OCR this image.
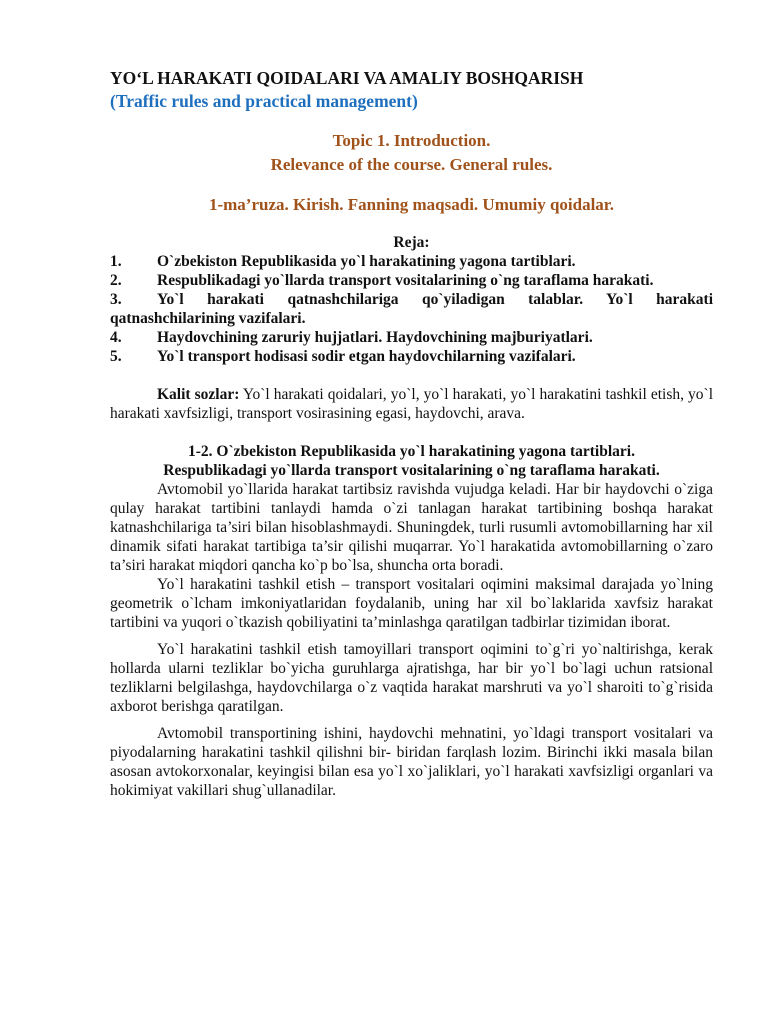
YO‘L HARAKATI QOIDALARI VA AMALIY BOSHQARISH

(Traffic rules and practical management)

Topic 1. Introduction.

Relevance of the course. General rules.

1-ma’ruza. Kirish. Fanning maqsadi. Umumiy qoidalar.

Reja:

1.	O`zbekiston Republikasida yo`l harakatining yagona tartiblari.
2. Respublikadagi yo`llarda transport vositalarining o`ng taraflama harakati.
3. Yo`l harakati qatnashchilariga qo`yiladigan talablar. Yo`l harakati qatnashchilarining vazifalari.
4.	Haydovchining zaruriy hujjatlari. Haydovchining majburiyatlari.
5.	Yo`l transport hodisasi sodir etgan haydovchilarning vazifalari.

Kalit sozlar: Yo`l harakati qoidalari, yo`l, yo`l harakati, yo`l harakatini tashkil etish, yo`l harakati xavfsizligi, transport vosirasining egasi, haydovchi, arava.

1-2. O`zbekiston Republikasida yo`l harakatining yagona tartiblari.
Respublikadagi yo`llarda transport vositalarining o`ng taraflama harakati.

Avtomobil yo`llarida harakat tartibsiz ravishda vujudga keladi. Har bir haydovchi o`ziga qulay harakat tartibini tanlaydi hamda o`zi tanlagan harakat tartibining boshqa harakat katnashchilariga ta’siri bilan hisoblashmaydi. Shuningdek, turli rusumli avtomobillarning har xil dinamik sifati harakat tartibiga ta’sir qilishi muqarrar. Yo`l harakatida avtomobillarning o`zaro ta’siri harakat miqdori qancha ko`p bo`lsa, shuncha orta boradi.

Yo`l harakatini tashkil etish – transport vositalari oqimini maksimal darajada yo`lning geometrik o`lcham imkoniyatlaridan foydalanib, uning har xil bo`laklarida xavfsiz harakat tartibini va yuqori o`tkazish qobiliyatini ta’minlashga qaratilgan tadbirlar tizimidan iborat.

Yo`l harakatini tashkil etish tamoyillari transport oqimini to`g`ri yo`naltirishga, kerak hollarda ularni tezliklar bo`yicha guruhlarga ajratishga, har bir yo`l bo`lagi uchun ratsional tezliklarni belgilashga, haydovchilarga o`z vaqtida harakat marshruti va yo`l sharoiti to`g`risida axborot berishga qaratilgan.

Avtomobil transportining ishini, haydovchi mehnatini, yo`ldagi transport vositalari va piyodalarning harakatini tashkil qilishni bir- biridan farqlash lozim. Birinchi ikki masala bilan asosan avtokorxonalar, keyingisi bilan esa yo`l xo`jaliklari, yo`l harakati xavfsizligi organlari va hokimiyat vakillari shug`ullanadilar.
